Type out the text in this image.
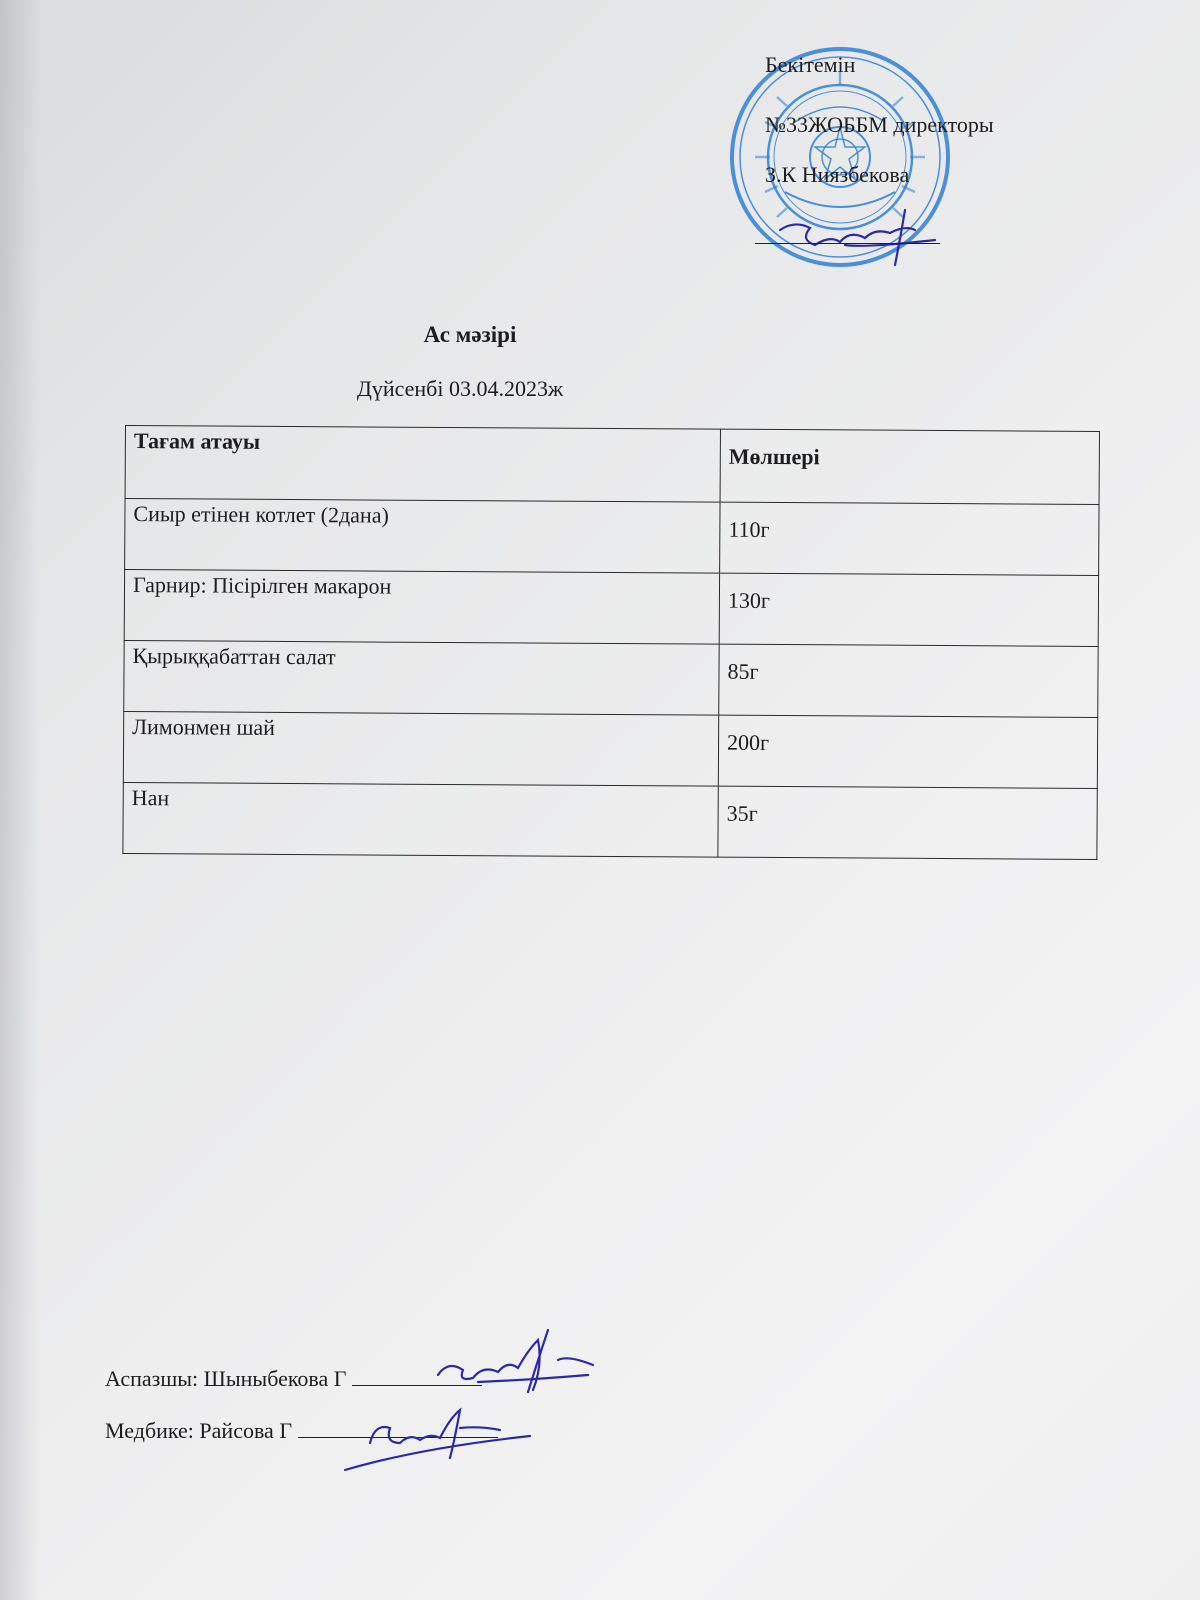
Бекітемін
№33ЖОББМ директоры
З.К Ниязбекова
Ас мәзірі
Дүйсенбі 03.04.2023ж
Тағам атауы	Мөлшері
Сиыр етінен котлет (2дана)	110г
Гарнир: Пісірілген макарон	130г
Қырыққабаттан салат	85г
Лимонмен шай	200г
Нан	35г
Аспазшы: Шыныбекова Г
Медбике: Райсова Г
